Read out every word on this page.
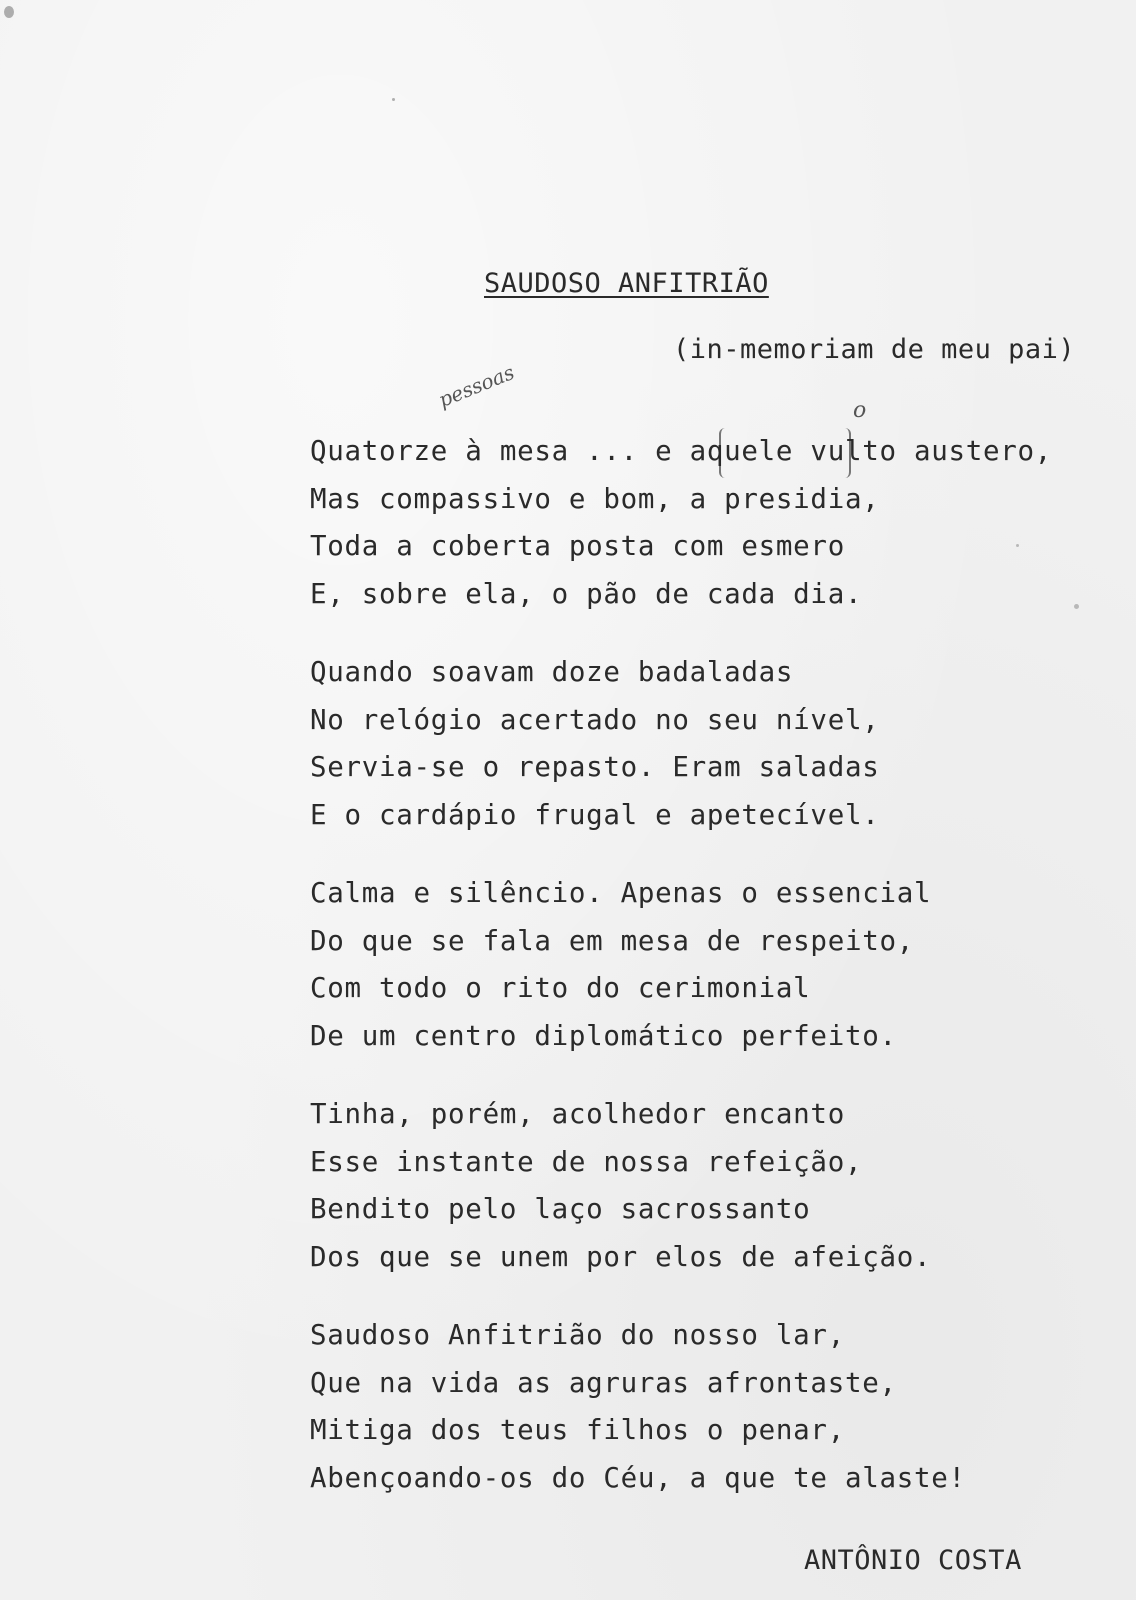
SAUDOSO ANFITRIÃO
(in-memoriam de meu pai)
pessoas	o
Quatorze à mesa ... e aquele vulto austero,
Mas compassivo e bom, a presidia,
Toda a coberta posta com esmero
E, sobre ela, o pão de cada dia.
Quando soavam doze badaladas
No relógio acertado no seu nível,
Servia-se o repasto. Eram saladas
E o cardápio frugal e apetecível.
Calma e silêncio. Apenas o essencial
Do que se fala em mesa de respeito,
Com todo o rito do cerimonial
De um centro diplomático perfeito.
Tinha, porém, acolhedor encanto
Esse instante de nossa refeição,
Bendito pelo laço sacrossanto
Dos que se unem por elos de afeição.
Saudoso Anfitrião do nosso lar,
Que na vida as agruras afrontaste,
Mitiga dos teus filhos o penar,
Abençoando-os do Céu, a que te alaste!
ANTÔNIO COSTA
